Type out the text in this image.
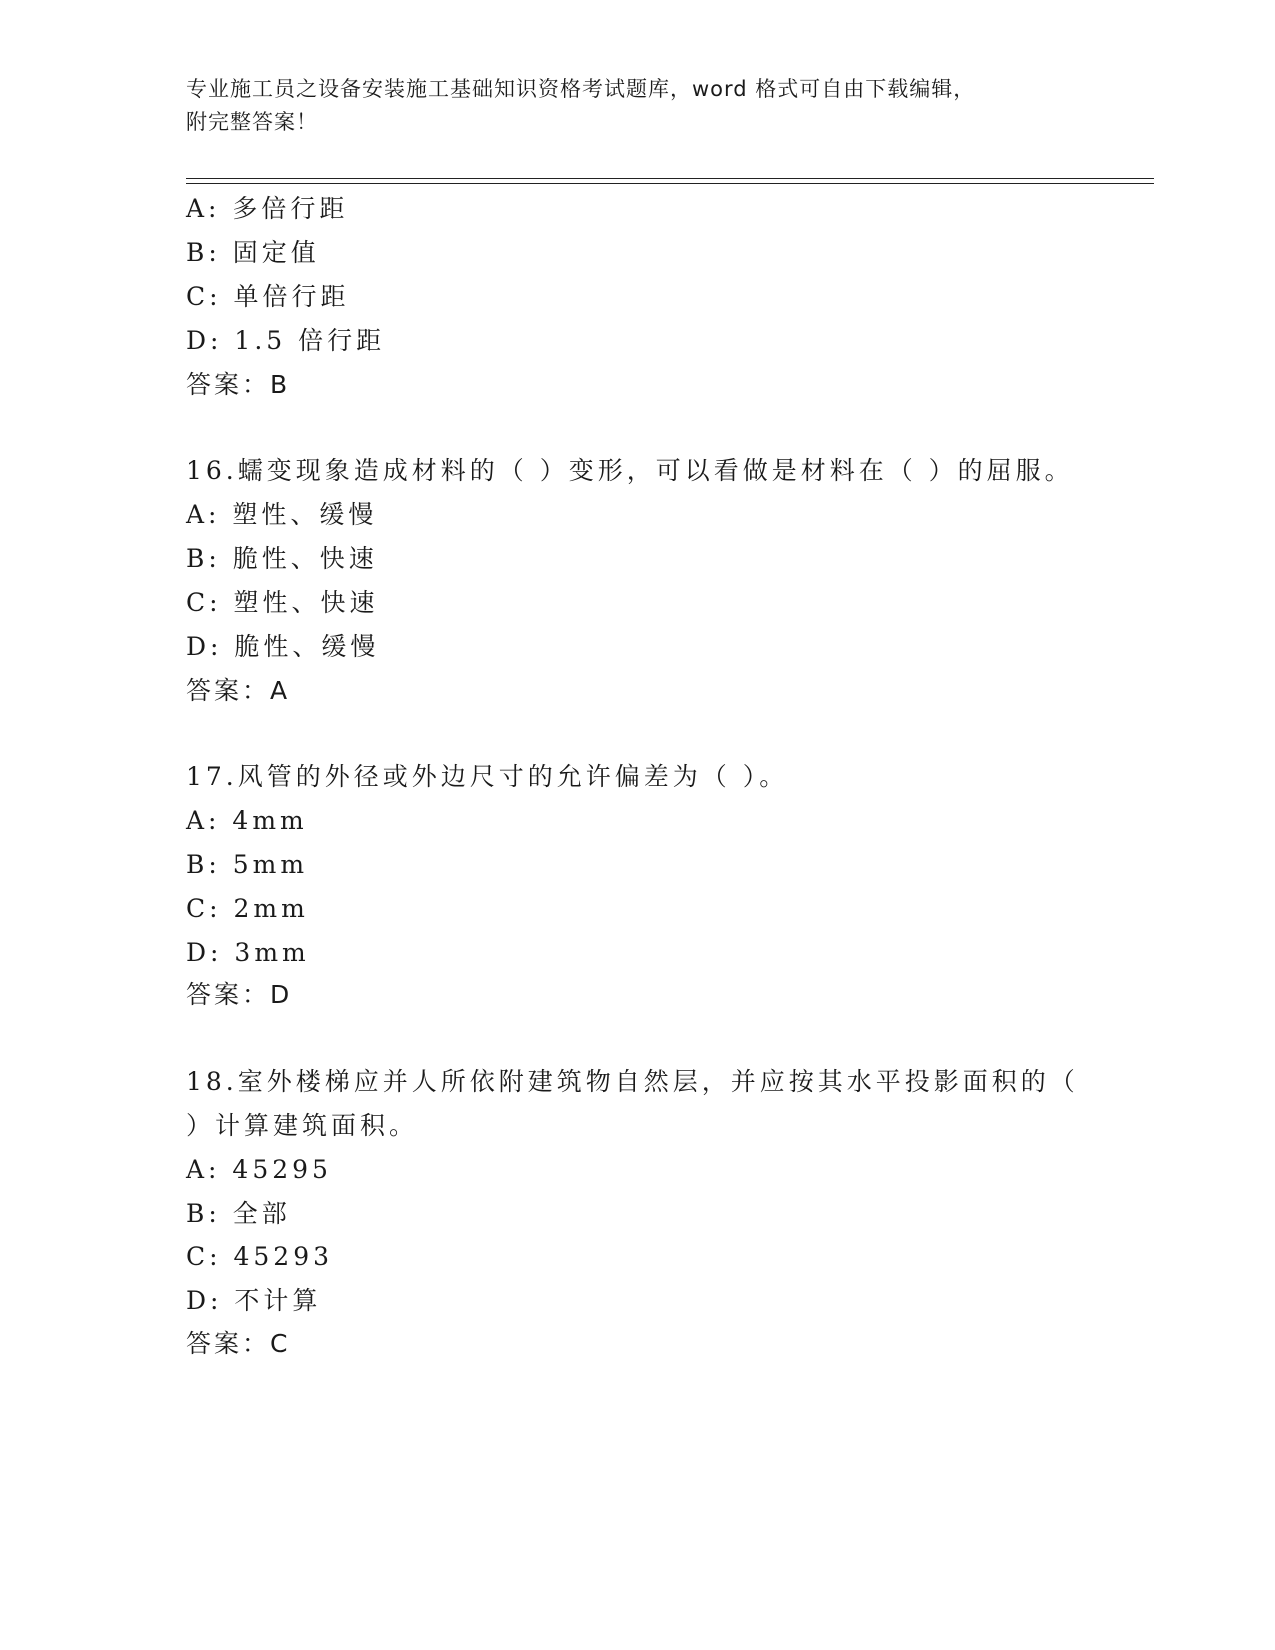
专业施工员之设备安装施工基础知识资格考试题库，word 格式可自由下载编辑，
附完整答案！
A: 多倍行距
B: 固定值
C: 单倍行距
D: 1.5 倍行距
答案：B
16.蠕变现象造成材料的（ ）变形，可以看做是材料在（ ）的屈服。
A: 塑性、缓慢
B: 脆性、快速
C: 塑性、快速
D: 脆性、缓慢
答案：A
17.风管的外径或外边尺寸的允许偏差为（ ）。
A: 4mm
B: 5mm
C: 2mm
D: 3mm
答案：D
18.室外楼梯应并人所依附建筑物自然层，并应按其水平投影面积的（
）计算建筑面积。
A: 45295
B: 全部
C: 45293
D: 不计算
答案：C
